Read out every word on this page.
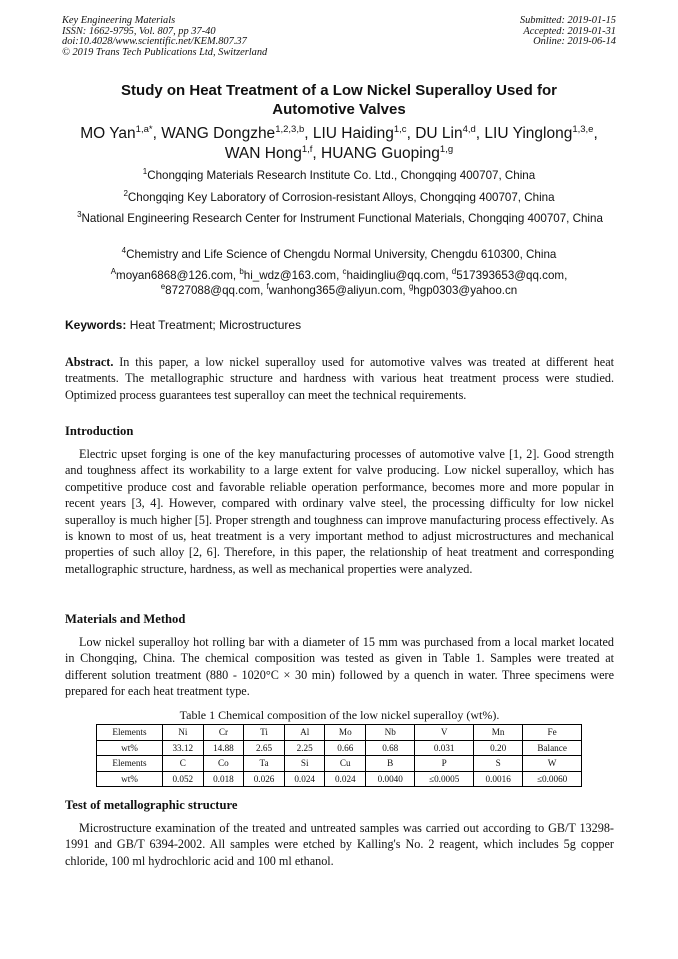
Key Engineering Materials
ISSN: 1662-9795, Vol. 807, pp 37-40
doi:10.4028/www.scientific.net/KEM.807.37
© 2019 Trans Tech Publications Ltd, Switzerland
Submitted: 2019-01-15
Accepted: 2019-01-31
Online: 2019-06-14
Study on Heat Treatment of a Low Nickel Superalloy Used for
Automotive Valves
MO Yan$^{1,a*}$, WANG Dongzhe$^{1,2,3,b}$, LIU Haiding$^{1,c}$, DU Lin$^{4,d}$, LIU Yinglong$^{1,3,e}$,
WAN Hong$^{1,f}$, HUANG Guoping$^{1,g}$
$^1$Chongqing Materials Research Institute Co. Ltd., Chongqing 400707, China
$^2$Chongqing Key Laboratory of Corrosion-resistant Alloys, Chongqing 400707, China
$^3$National Engineering Research Center for Instrument Functional Materials, Chongqing 400707, China
$^4$Chemistry and Life Science of Chengdu Normal University, Chengdu 610300, China
$^A$moyan6868@126.com, $^b$hi_wdz@163.com, $^c$haidingliu@qq.com, $^d$517393653@qq.com,
$^e$8727088@qq.com, $^f$wanhong365@aliyun.com, $^g$hgp0303@yahoo.cn
Keywords: Heat Treatment; Microstructures
Abstract. In this paper, a low nickel superalloy used for automotive valves was treated at different heat treatments. The metallographic structure and hardness with various heat treatment process were studied. Optimized process guarantees test superalloy can meet the technical requirements.
Introduction
Electric upset forging is one of the key manufacturing processes of automotive valve [1, 2]. Good strength and toughness affect its workability to a large extent for valve producing. Low nickel superalloy, which has competitive produce cost and favorable reliable operation performance, becomes more and more popular in recent years [3, 4]. However, compared with ordinary valve steel, the processing difficulty for low nickel superalloy is much higher [5]. Proper strength and toughness can improve manufacturing process effectively. As is known to most of us, heat treatment is a very important method to adjust microstructures and mechanical properties of such alloy [2, 6]. Therefore, in this paper, the relationship of heat treatment and corresponding metallographic structure, hardness, as well as mechanical properties were analyzed.
Materials and Method
Low nickel superalloy hot rolling bar with a diameter of 15 mm was purchased from a local market located in Chongqing, China. The chemical composition was tested as given in Table 1. Samples were treated at different solution treatment (880 - 1020°C × 30 min) followed by a quench in water. Three specimens were prepared for each heat treatment type.
Table 1 Chemical composition of the low nickel superalloy (wt%).
Elements	Ni	Cr	Ti	Al	Mo	Nb	V	Mn	Fe
wt%	33.12	14.88	2.65	2.25	0.66	0.68	0.031	0.20	Balance
Elements	C	Co	Ta	Si	Cu	B	P	S	W
wt%	0.052	0.018	0.026	0.024	0.024	0.0040	≤0.0005	0.0016	≤0.0060
Test of metallographic structure
Microstructure examination of the treated and untreated samples was carried out according to GB/T 13298-1991 and GB/T 6394-2002. All samples were etched by Kalling's No. 2 reagent, which includes 5g copper chloride, 100 ml hydrochloric acid and 100 ml ethanol.
